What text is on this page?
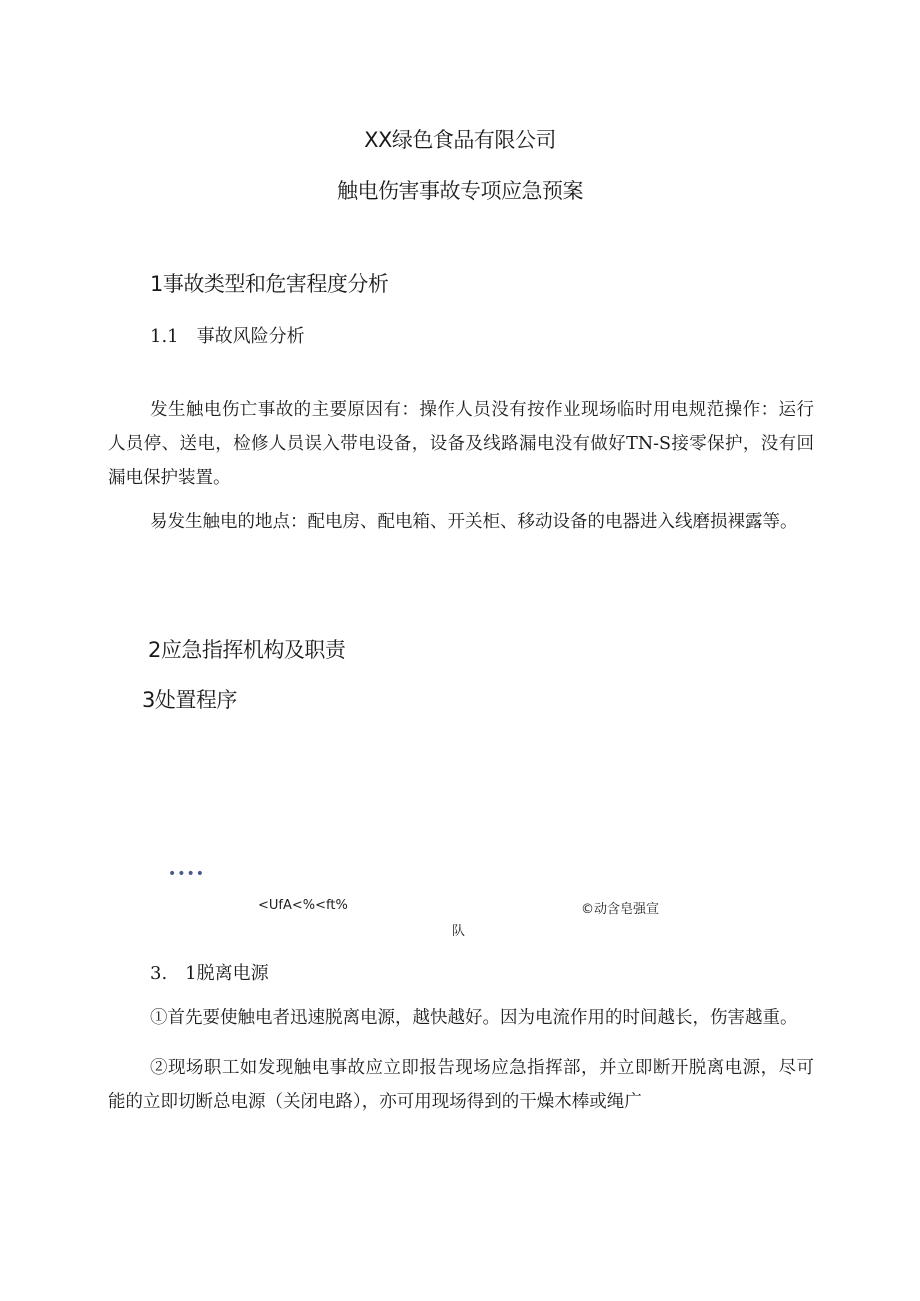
XX绿色食品有限公司
触电伤害事故专项应急预案
1事故类型和危害程度分析
1.1　事故风险分析

发生触电伤亡事故的主要原因有：操作人员没有按作业现场临时用电规范操作：运行人员停、送电，检修人员误入带电设备，设备及线路漏电没有做好TN-S接零保护，没有回漏电保护装置。

易发生触电的地点：配电房、配电箱、开关柜、移动设备的电器进入线磨损裸露等。

2应急指挥机构及职责
3处置程序
••••
<UfA<%<ft%	©动含皂强宣
队
3.　1脱离电源

①首先要使触电者迅速脱离电源，越快越好。因为电流作用的时间越长，伤害越重。

②现场职工如发现触电事故应立即报告现场应急指挥部，并立即断开脱离电源，尽可能的立即切断总电源（关闭电路），亦可用现场得到的干燥木棒或绳广
